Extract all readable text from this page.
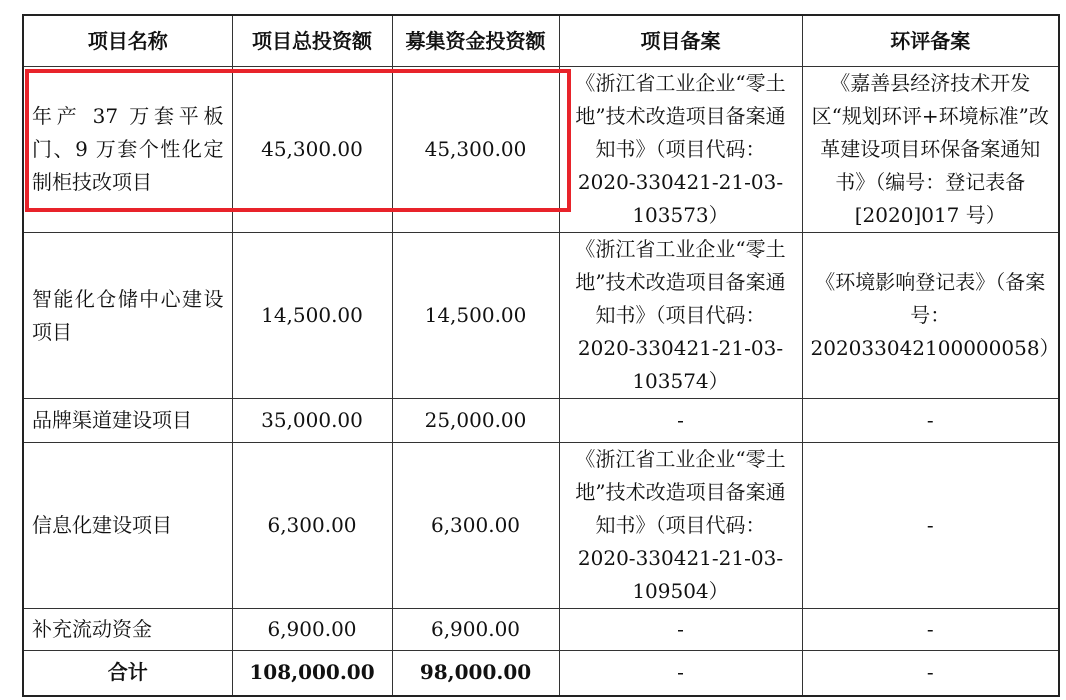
项目名称	项目总投资额	募集资金投资额	项目备案	环评备案
年产 37 万套平板门、9 万套个性化定制柜技改项目	45,300.00	45,300.00	《浙江省工业企业“零土地”技术改造项目备案通知书》（项目代码：2020-330421-21-03-103573）	《嘉善县经济技术开发区“规划环评+环境标准”改革建设项目环保备案通知书》（编号：登记表备[2020]017 号）
智能化仓储中心建设项目	14,500.00	14,500.00	《浙江省工业企业“零土地”技术改造项目备案通知书》（项目代码：2020-330421-21-03-103574）	《环境影响登记表》（备案号：202033042100000058）
品牌渠道建设项目	35,000.00	25,000.00	-	-
信息化建设项目	6,300.00	6,300.00	《浙江省工业企业“零土地”技术改造项目备案通知书》（项目代码：2020-330421-21-03-109504）	-
补充流动资金	6,900.00	6,900.00	-	-
合计	108,000.00	98,000.00	-	-
